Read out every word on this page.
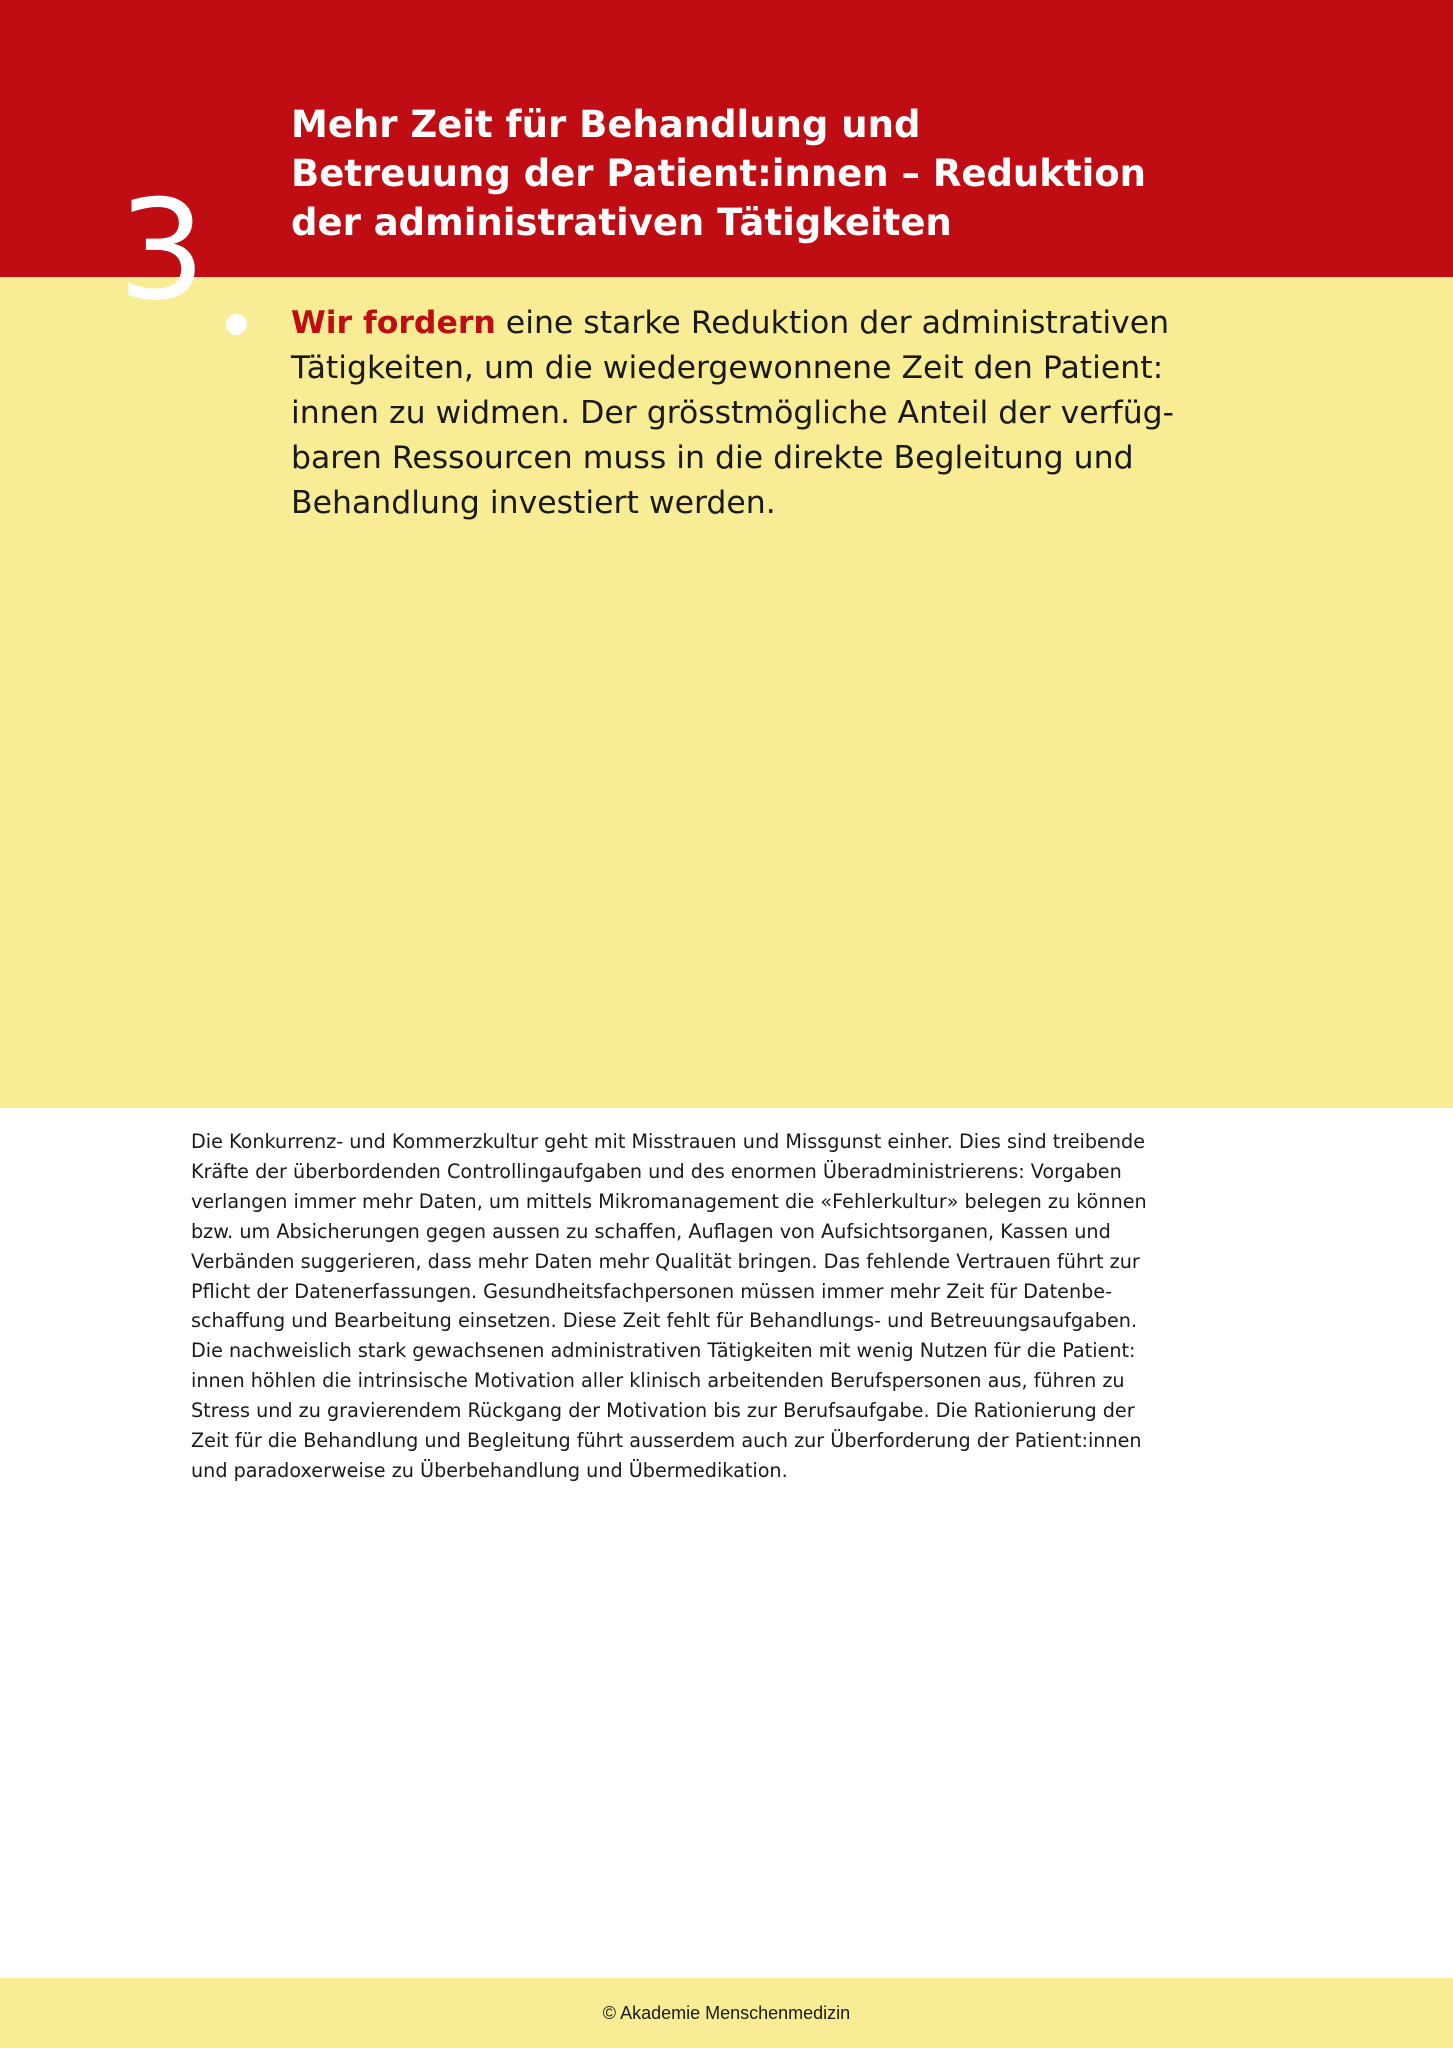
3
Mehr Zeit für Behandlung und
Betreuung der Patient:innen – Reduktion
der administrativen Tätigkeiten

Wir fordern eine starke Reduktion der administrativen
Tätigkeiten, um die wiedergewonnene Zeit den Patient:
innen zu widmen. Der grösstmögliche Anteil der verfüg-
baren Ressourcen muss in die direkte Begleitung und
Behandlung investiert werden.

Die Konkurrenz- und Kommerzkultur geht mit Misstrauen und Missgunst einher. Dies sind treibende
Kräfte der überbordenden Controllingaufgaben und des enormen Überadministrierens: Vorgaben
verlangen immer mehr Daten, um mittels Mikromanagement die «Fehlerkultur» belegen zu können
bzw. um Absicherungen gegen aussen zu schaffen, Auflagen von Aufsichtsorganen, Kassen und
Verbänden suggerieren, dass mehr Daten mehr Qualität bringen. Das fehlende Vertrauen führt zur
Pflicht der Datenerfassungen. Gesundheitsfachpersonen müssen immer mehr Zeit für Datenbe-
schaffung und Bearbeitung einsetzen. Diese Zeit fehlt für Behandlungs- und Betreuungsaufgaben.
Die nachweislich stark gewachsenen administrativen Tätigkeiten mit wenig Nutzen für die Patient:
innen höhlen die intrinsische Motivation aller klinisch arbeitenden Berufspersonen aus, führen zu
Stress und zu gravierendem Rückgang der Motivation bis zur Berufsaufgabe. Die Rationierung der
Zeit für die Behandlung und Begleitung führt ausserdem auch zur Überforderung der Patient:innen
und paradoxerweise zu Überbehandlung und Übermedikation.

© Akademie Menschenmedizin
